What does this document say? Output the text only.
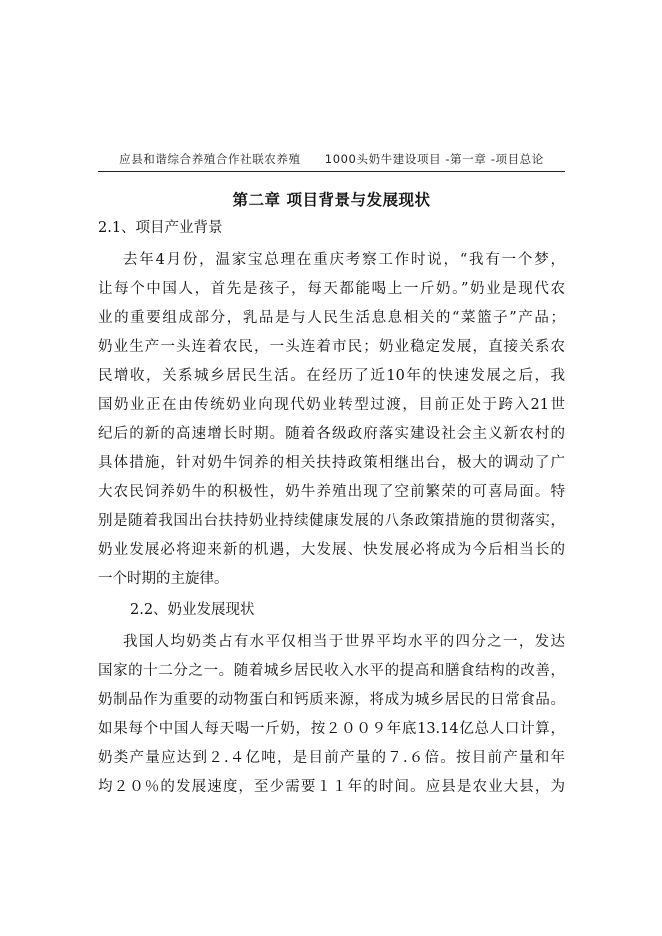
应县和谐综合养殖合作社联农养殖　　1000头奶牛建设项目 -第一章 -项目总论
第二章 项目背景与发展现状
2.1、项目产业背景
去年4月份，温家宝总理在重庆考察工作时说，“我有一个梦，
让每个中国人，首先是孩子，每天都能喝上一斤奶。”奶业是现代农
业的重要组成部分，乳品是与人民生活息息相关的“菜篮子”产品；
奶业生产一头连着农民，一头连着市民；奶业稳定发展，直接关系农
民增收，关系城乡居民生活。在经历了近10年的快速发展之后，我
国奶业正在由传统奶业向现代奶业转型过渡，目前正处于跨入21世
纪后的新的高速增长时期。随着各级政府落实建设社会主义新农村的
具体措施，针对奶牛饲养的相关扶持政策相继出台，极大的调动了广
大农民饲养奶牛的积极性，奶牛养殖出现了空前繁荣的可喜局面。特
别是随着我国出台扶持奶业持续健康发展的八条政策措施的贯彻落实，
奶业发展必将迎来新的机遇，大发展、快发展必将成为今后相当长的
一个时期的主旋律。
2.2、奶业发展现状
我国人均奶类占有水平仅相当于世界平均水平的四分之一，发达
国家的十二分之一。随着城乡居民收入水平的提高和膳食结构的改善，
奶制品作为重要的动物蛋白和钙质来源，将成为城乡居民的日常食品。
如果每个中国人每天喝一斤奶，按２００９年底13.14亿总人口计算，
奶类产量应达到２.４亿吨，是目前产量的７.６倍。按目前产量和年
均２０％的发展速度，至少需要１１年的时间。应县是农业大县，为
